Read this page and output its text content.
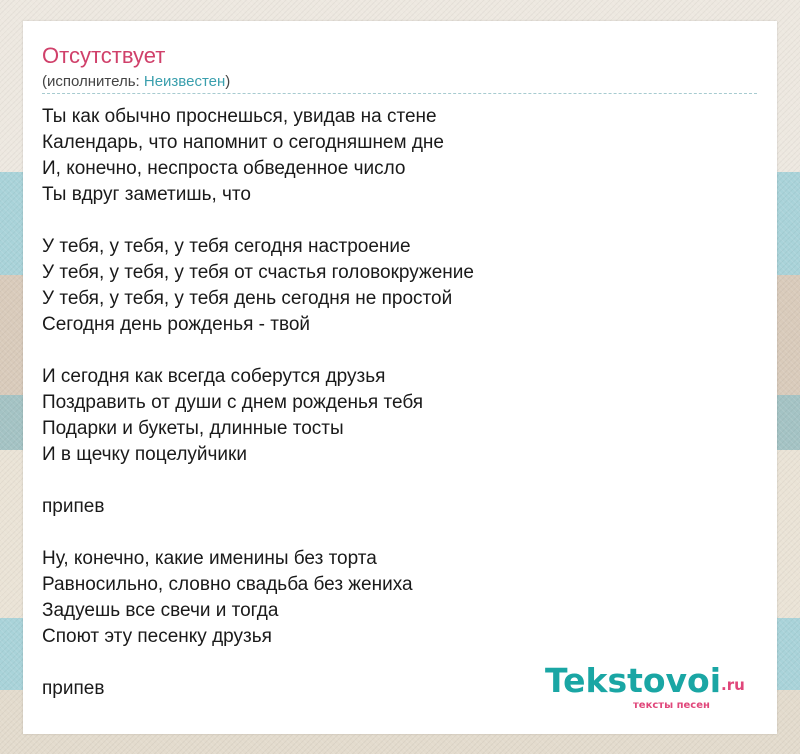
Отсутствует
(исполнитель: Неизвестен)
Ты как обычно проснешься, увидав на стене
Календарь, что напомнит о сегодняшнем дне
И, конечно, неспроста обведенное число
Ты вдруг заметишь, что
У тебя, у тебя, у тебя сегодня настроение
У тебя, у тебя, у тебя от счастья головокружение
У тебя, у тебя, у тебя день сегодня не простой
Сегодня день рожденья - твой
И сегодня как всегда соберутся друзья
Поздравить от души с днем рожденья тебя
Подарки и букеты, длинные тосты
И в щечку поцелуйчики
припев
Ну, конечно, какие именины без торта
Равносильно, словно свадьба без жениха
Задуешь все свечи и тогда
Споют эту песенку друзья
припев	Tekstovoi .ru
тексты песен
